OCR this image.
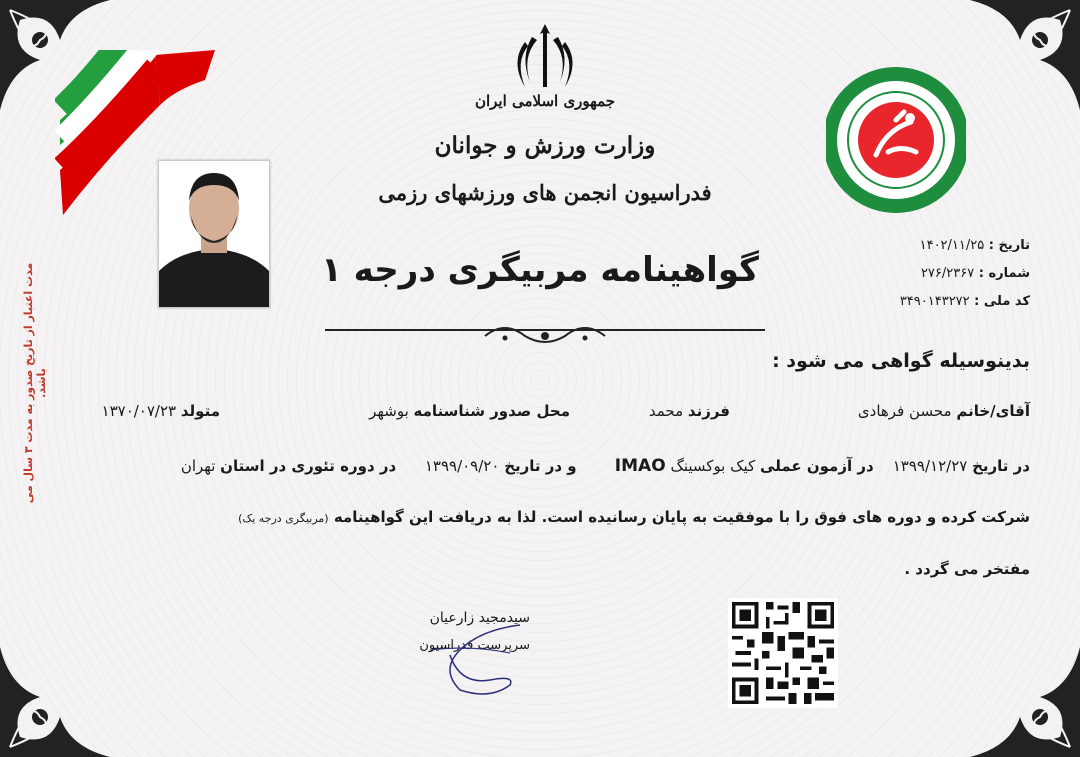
مدت اعتبار از تاریخ صدور به مدت ۳ سال می باشد.
جمهوری اسلامی ایران
وزارت ورزش و جوانان
فدراسیون انجمن های ورزشهای رزمی
گواهینامه مربیگری درجه ۱
تاریخ : ۱۴۰۲/۱۱/۲۵
شماره : ۲۷۶/۲۳۶۷
کد ملی : ۳۴۹۰۱۴۳۲۷۲
بدینوسیله گواهی می شود :
آقای/خانم محسن فرهادی
فرزند محمد
محل صدور شناسنامه بوشهر
متولد ۱۳۷۰/۰۷/۲۳
در تاریخ ۱۳۹۹/۱۲/۲۷    در آزمون عملی کیک بوکسینگ IMAO        و در تاریخ ۱۳۹۹/۰۹/۲۰      در دوره تئوری در استان تهران
شرکت کرده و دوره های فوق را با موفقیت به پایان رسانیده است. لذا به دریافت این گواهینامه (مربیگری درجه یک)
مفتخر می گردد .
سیدمجید زارعیان
سرپرست فدراسیون
